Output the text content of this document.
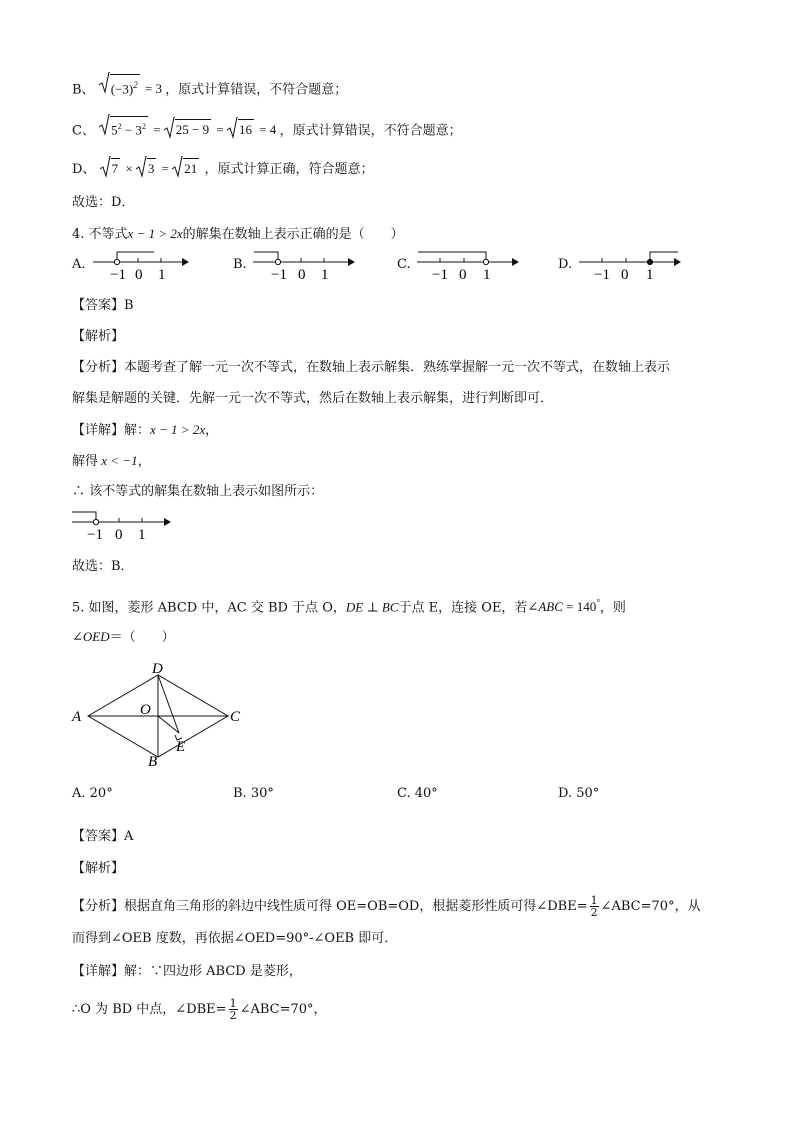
B、 $(-3)^2 = 3$ ，原式计算错误，不符合题意；
C、 $5^2 - 3^2$ =
25 − 9 =
16 = 4 ，原式计算错误，不符合题意；
D、 7 ×
3 =
21 ，原式计算正确，符合题意；
故选：D．
4. 不等式x − 1 > 2x的解集在数轴上表示正确的是（　　）
A.
−1 0 1
B.
−1 0 1
C.
−1 0 1
D.
−1 0 1
【答案】B
【解析】
【分析】本题考查了解一元一次不等式，在数轴上表示解集．熟练掌握解一元一次不等式，在数轴上表示
解集是解题的关键．先解一元一次不等式，然后在数轴上表示解集，进行判断即可．
【详解】解：x − 1 > 2x，
解得 x < −1，
∴ 该不等式的解集在数轴上表示如图所示：
−1 0 1
故选：B．
5. 如图，菱形 ABCD 中，AC 交 BD 于点 O，DE ⊥ BC于点 E，连接 OE，若∠ABC = 140°，则
∠OED＝（　　）
A
D
C
B
O
E
A. 20°	B. 30°	C. 40°	D. 50°
【答案】A
【解析】
【分析】根据直角三角形的斜边中线性质可得 OE=OB=OD，根据菱形性质可得∠DBE= $\frac{1}{2}$ ∠ABC=70°，从
而得到∠OEB 度数，再依据∠OED=90°-∠OEB 即可．
【详解】解：∵四边形 ABCD 是菱形，
∴O 为 BD 中点，∠DBE= $\frac{1}{2}$ ∠ABC=70°，
